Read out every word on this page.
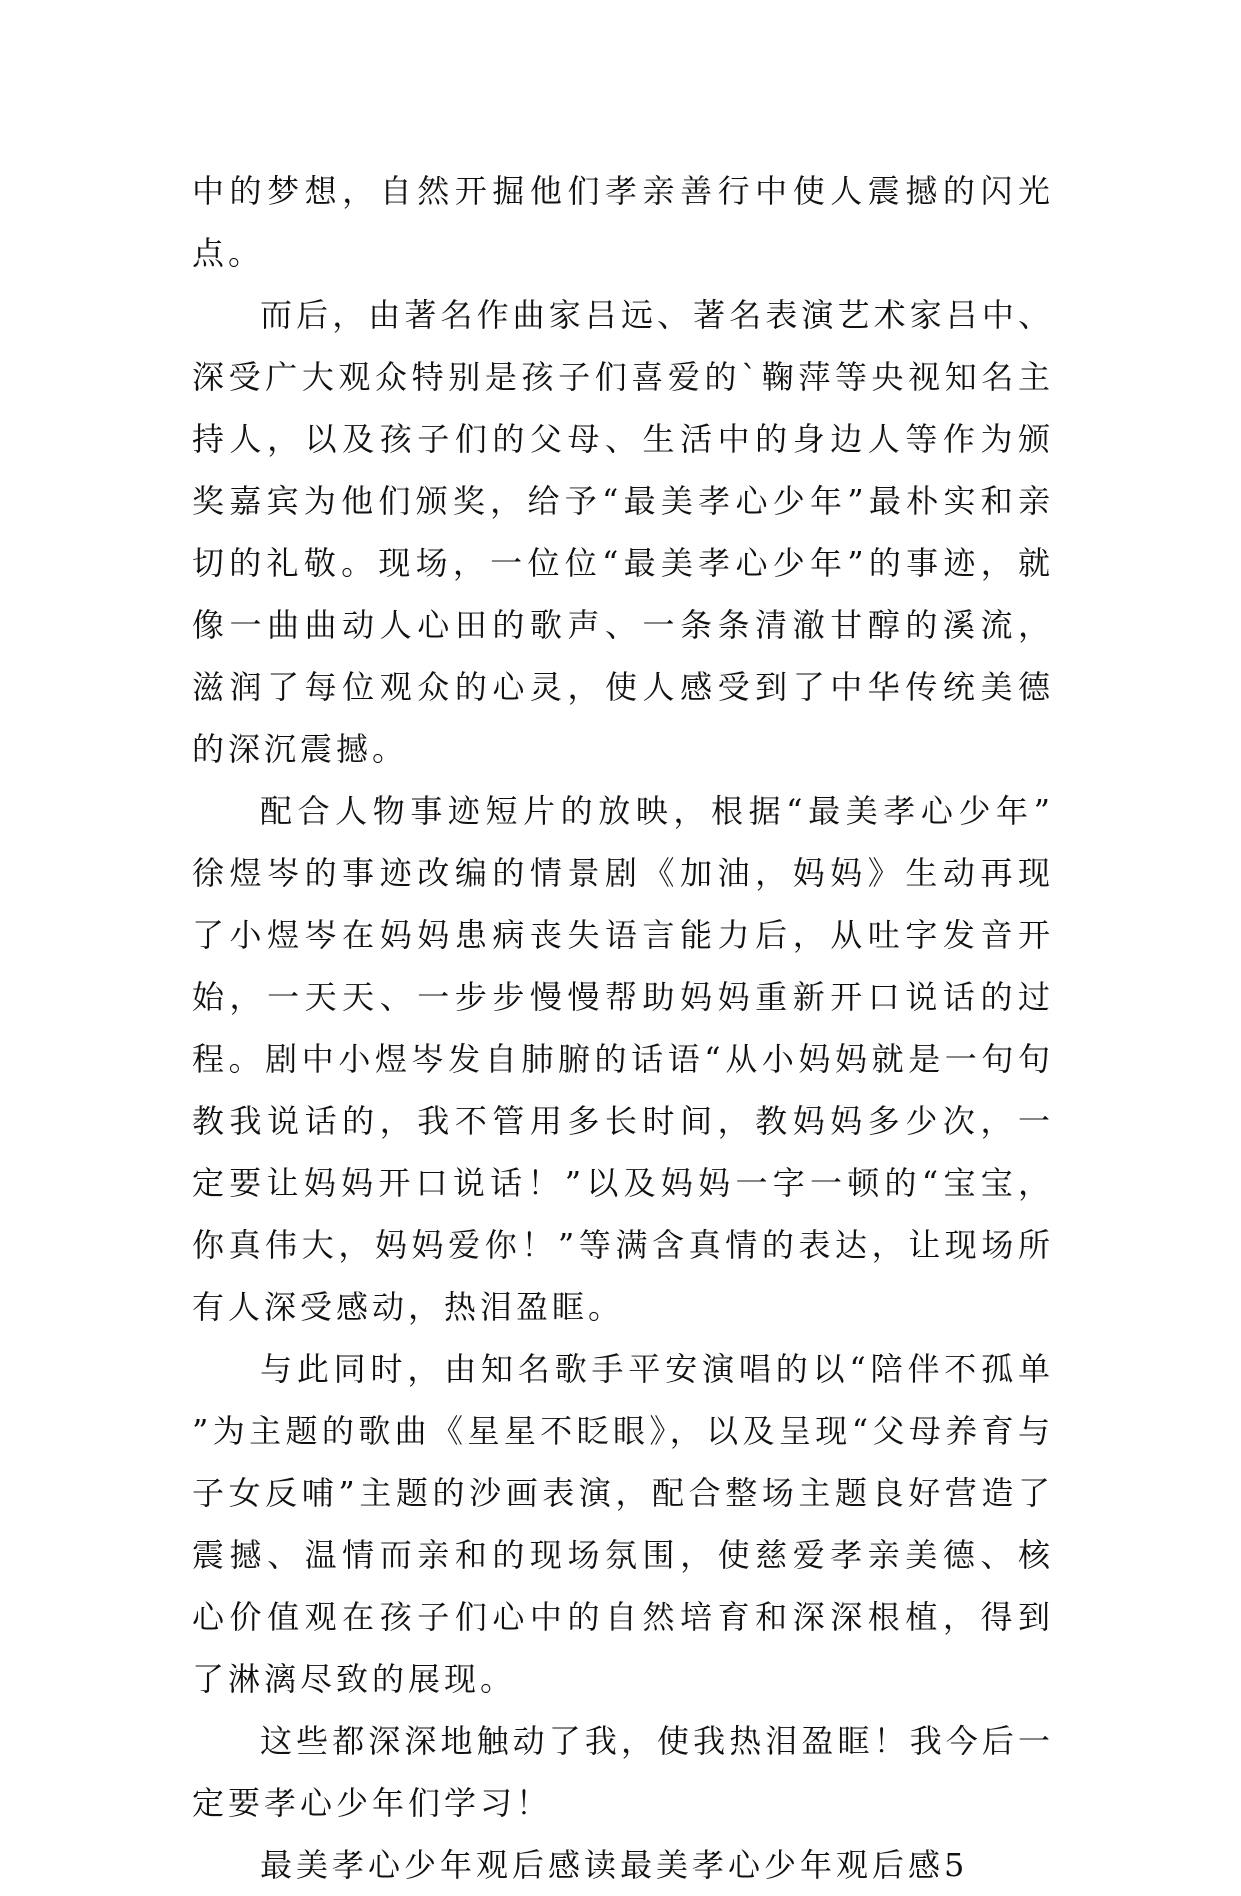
中的梦想，自然开掘他们孝亲善行中使人震撼的闪光点。

而后，由著名作曲家吕远、著名表演艺术家吕中、深受广大观众特别是孩子们喜爱的`鞠萍等央视知名主持人，以及孩子们的父母、生活中的身边人等作为颁奖嘉宾为他们颁奖，给予“最美孝心少年”最朴实和亲切的礼敬。现场，一位位“最美孝心少年”的事迹，就像一曲曲动人心田的歌声、一条条清澈甘醇的溪流，滋润了每位观众的心灵，使人感受到了中华传统美德的深沉震撼。

配合人物事迹短片的放映，根据“最美孝心少年”徐煜岑的事迹改编的情景剧《加油，妈妈》生动再现了小煜岑在妈妈患病丧失语言能力后，从吐字发音开始，一天天、一步步慢慢帮助妈妈重新开口说话的过程。剧中小煜岑发自肺腑的话语“从小妈妈就是一句句教我说话的，我不管用多长时间，教妈妈多少次，一定要让妈妈开口说话！”以及妈妈一字一顿的“宝宝，你真伟大，妈妈爱你！”等满含真情的表达，让现场所有人深受感动，热泪盈眶。

与此同时，由知名歌手平安演唱的以“陪伴不孤单”为主题的歌曲《星星不眨眼》，以及呈现“父母养育与子女反哺”主题的沙画表演，配合整场主题良好营造了震撼、温情而亲和的现场氛围，使慈爱孝亲美德、核心价值观在孩子们心中的自然培育和深深根植，得到了淋漓尽致的展现。

这些都深深地触动了我，使我热泪盈眶！我今后一定要孝心少年们学习！

最美孝心少年观后感读最美孝心少年观后感5
